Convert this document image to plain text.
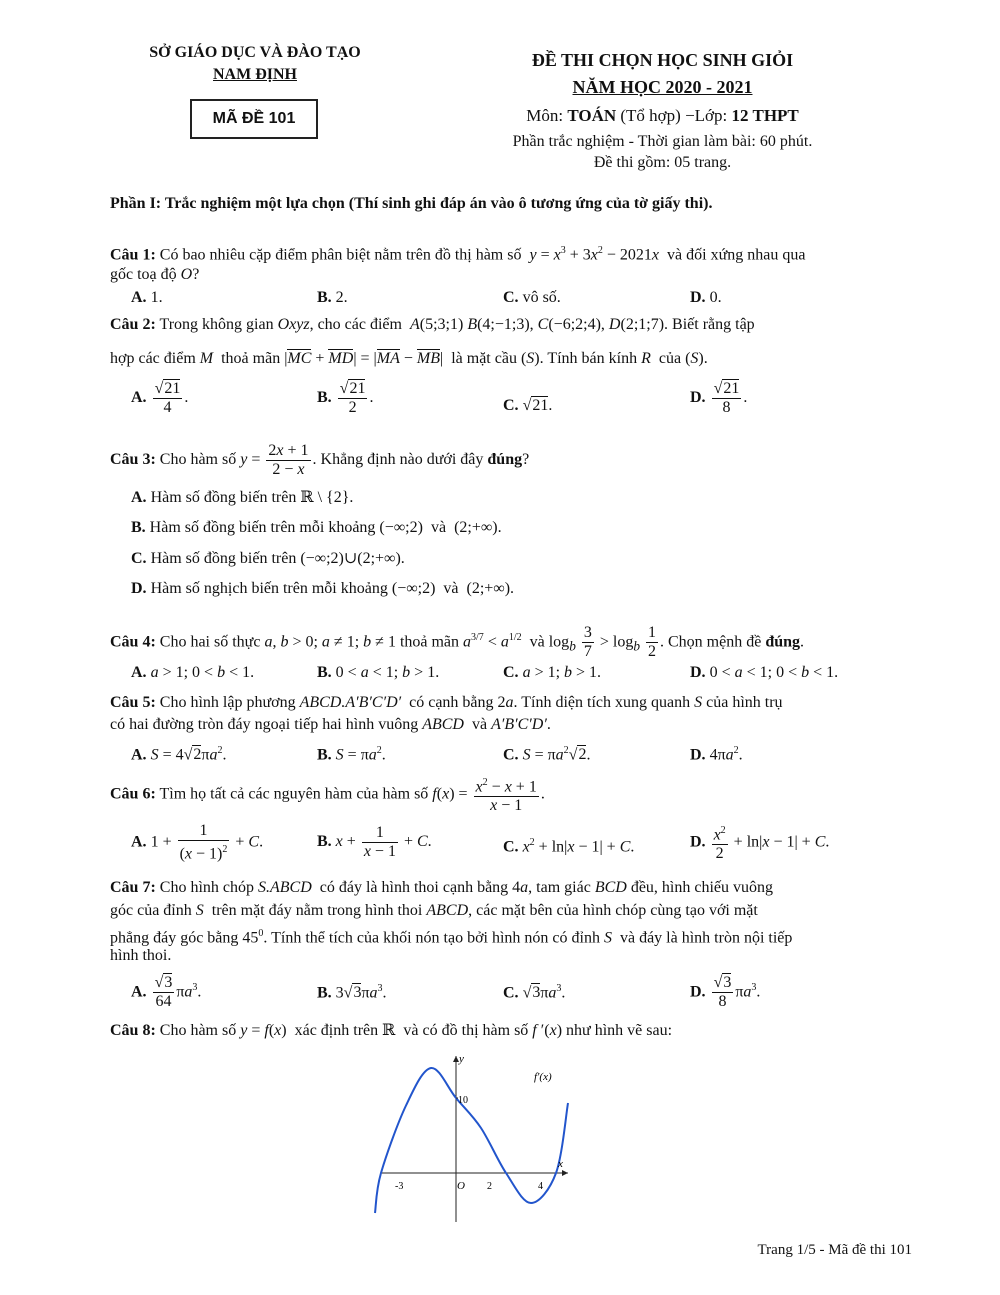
SỞ GIÁO DỤC VÀ ĐÀO TẠO
NAM ĐỊNH
MÃ ĐỀ 101
ĐỀ THI CHỌN HỌC SINH GIỎI
NĂM HỌC 2020 - 2021
Môn: TOÁN (Tổ hợp) −Lớp: 12 THPT
Phần trắc nghiệm - Thời gian làm bài: 60 phút.
Đề thi gồm: 05 trang.
Phần I: Trắc nghiệm một lựa chọn (Thí sinh ghi đáp án vào ô tương ứng của tờ giấy thi).
Câu 1: Có bao nhiêu cặp điểm phân biệt nằm trên đồ thị hàm số  $y = x^3 + 3x^2 - 2021x$ và đối xứng nhau qua
gốc toạ độ O?
A. 1.	B. 2.	C. vô số.	D. 0.
Câu 2: Trong không gian Oxyz, cho các điểm A(5;3;1) B(4;−1;3), C(−6;2;4), D(2;1;7). Biết rằng tập
hợp các điểm M thoả mãn |MC + MD| = |MA − MB|  là mặt cầu (S). Tính bán kính R của (S).
A. $\frac{√21}{4}$ .	B. $\frac{√21}{2}$ .	C. √21.	D. $\frac{√21}{8}$ .
Câu 3: Cho hàm số $y = \frac{2x + 1}{2 - x}$ . Khẳng định nào dưới đây đúng?
A. Hàm số đồng biến trên ℝ \ {2}.
B. Hàm số đồng biến trên mỗi khoảng (−∞;2)  và  (2;+∞).
C. Hàm số đồng biến trên (−∞;2)∪(2;+∞).
D. Hàm số nghịch biến trên mỗi khoảng (−∞;2)  và  (2;+∞).
Câu 4: Cho hai số thực a, b > 0; a ≠ 1; b ≠ 1 thoả mãn $a^{3/7} < a^{1/2}$ và $\log_b \frac{3}{7} > \log_b \frac{1}{2}$ . Chọn mệnh đề đúng.
A. a > 1; 0 < b < 1.	B. 0 < a < 1; b > 1.	C. a > 1; b > 1.	D. 0 < a < 1; 0 < b < 1.
Câu 5: Cho hình lập phương ABCD.A′B′C′D′ có cạnh bằng 2a. Tính diện tích xung quanh S của hình trụ
có hai đường tròn đáy ngoại tiếp hai hình vuông ABCD và A′B′C′D′.
A. $S = 4√2\pi a^2$.	B. $S = \pi a^2$.	C. $S = \pi a^2√2$.	D. $4\pi a^2$.
Câu 6: Tìm họ tất cả các nguyên hàm của hàm số $f(x) = \frac{x^2 - x + 1}{x - 1}$ .
A. $1 + \frac{1}{(x - 1)^2} + C$.	B. $x + \frac{1}{x - 1} + C$.	C. $x^2 + \ln|x - 1| + C$.	D. $\frac{x^2}{2} + \ln|x - 1| + C$.
Câu 7: Cho hình chóp S.ABCD có đáy là hình thoi cạnh bằng 4a, tam giác BCD đều, hình chiếu vuông
góc của đỉnh S trên mặt đáy nằm trong hình thoi ABCD, các mặt bên của hình chóp cùng tạo với mặt
phẳng đáy góc bằng $45^0$. Tính thể tích của khối nón tạo bởi hình nón có đỉnh S và đáy là hình tròn nội tiếp
hình thoi.
A. $\frac{√3}{64} \pi a^3$.	B. $3√3\pi a^3$.	C. $√3\pi a^3$.	D. $\frac{√3}{8} \pi a^3$.
Câu 8: Cho hàm số y = f(x)  xác định trên ℝ  và có đồ thị hàm số f ′(x) như hình vẽ sau:
y
x
f'(x)
-3	O 2	4
10
Trang 1/5 - Mã đề thi 101
